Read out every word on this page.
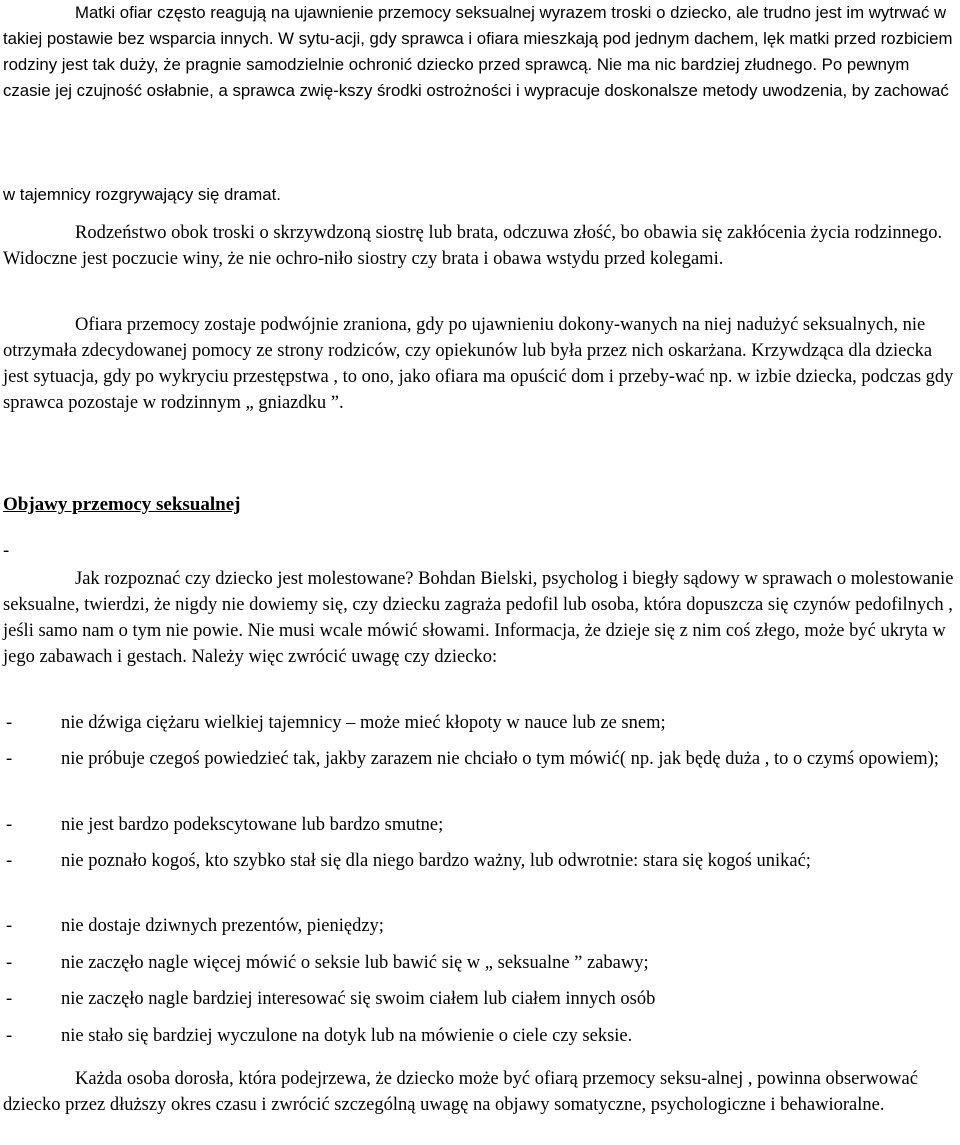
Matki ofiar często reagują na ujawnienie przemocy seksualnej wyrazem troski o dziecko, ale trudno jest im wytrwać w takiej postawie bez wsparcia innych. W sytu-acji, gdy sprawca i ofiara mieszkają pod jednym dachem, lęk matki przed rozbiciem rodziny jest tak duży, że pragnie samodzielnie ochronić dziecko przed sprawcą. Nie ma nic bardziej złudnego. Po pewnym czasie jej czujność osłabnie, a sprawca zwię-kszy środki ostrożności i wypracuje doskonalsze metody uwodzenia, by zachować

w tajemnicy rozgrywający się dramat.

Rodzeństwo obok troski o skrzywdzoną siostrę lub brata, odczuwa złość, bo obawia się zakłócenia życia rodzinnego. Widoczne jest poczucie winy, że nie ochro-niło siostry czy brata i obawa wstydu przed kolegami.

Ofiara przemocy zostaje podwójnie zraniona, gdy po ujawnieniu dokony-wanych na niej nadużyć seksualnych, nie otrzymała zdecydowanej pomocy ze strony rodziców, czy opiekunów lub była przez nich oskarżana. Krzywdząca dla dziecka jest sytuacja, gdy po wykryciu przestępstwa , to ono, jako ofiara ma opuścić dom i przeby-wać np. w izbie dziecka, podczas gdy sprawca pozostaje w rodzinnym „ gniazdku ”.

Objawy przemocy seksualnej

-

Jak rozpoznać czy dziecko jest molestowane? Bohdan Bielski, psycholog i biegły sądowy w sprawach o molestowanie seksualne, twierdzi, że nigdy nie dowiemy się, czy dziecku zagraża pedofil lub osoba, która dopuszcza się czynów pedofilnych , jeśli samo nam o tym nie powie. Nie musi wcale mówić słowami. Informacja, że dzieje się z nim coś złego, może być ukryta w jego zabawach i gestach. Należy więc zwrócić uwagę czy dziecko:

-	nie dźwiga ciężaru wielkiej tajemnicy – może mieć kłopoty w nauce lub ze snem;

-	nie próbuje czegoś powiedzieć tak, jakby zarazem nie chciało o tym mówić( np. jak będę duża , to o czymś opowiem);

-	nie jest bardzo podekscytowane lub bardzo smutne;

-	nie poznało kogoś, kto szybko stał się dla niego bardzo ważny, lub odwrotnie: stara się kogoś unikać;

-	nie dostaje dziwnych prezentów, pieniędzy;

-	nie zaczęło nagle więcej mówić o seksie lub bawić się w „ seksualne ” zabawy;

-	nie zaczęło nagle bardziej interesować się swoim ciałem lub ciałem innych osób

-	nie stało się bardziej wyczulone na dotyk lub na mówienie o ciele czy seksie.

Każda osoba dorosła, która podejrzewa, że dziecko może być ofiarą przemocy seksu-alnej , powinna obserwować dziecko przez dłuższy okres czasu i zwrócić szczególną uwagę na objawy somatyczne, psychologiczne i behawioralne.
